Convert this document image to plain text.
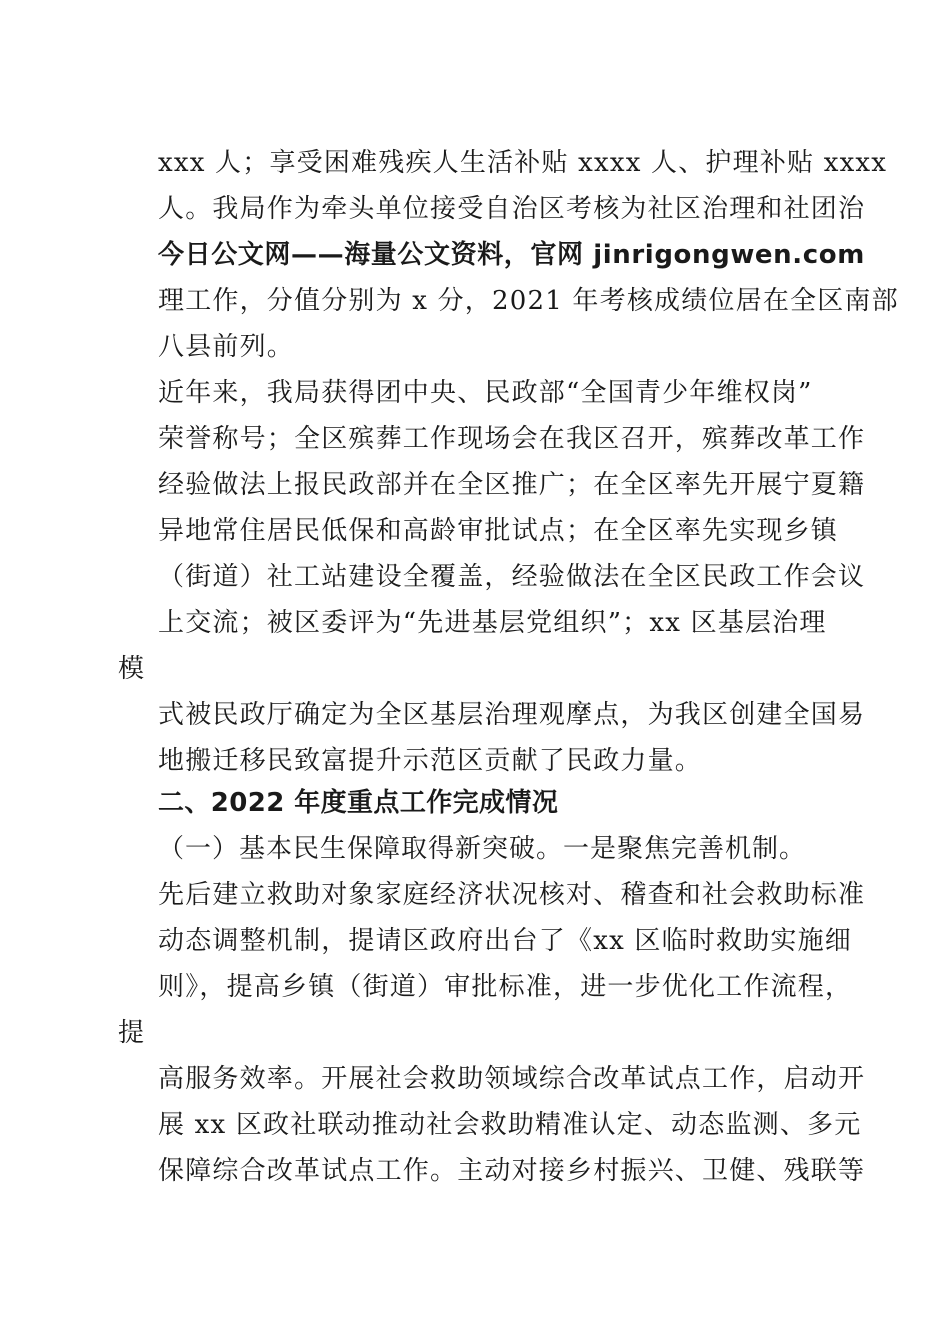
xxx 人；享受困难残疾人生活补贴 xxxx 人、护理补贴 xxxx
人。我局作为牵头单位接受自治区考核为社区治理和社团治
今日公文网——海量公文资料，官网 jinrigongwen.com
理工作，分值分别为 x 分，2021 年考核成绩位居在全区南部
八县前列。
近年来，我局获得团中央、民政部“全国青少年维权岗”
荣誉称号；全区殡葬工作现场会在我区召开，殡葬改革工作
经验做法上报民政部并在全区推广；在全区率先开展宁夏籍
异地常住居民低保和高龄审批试点；在全区率先实现乡镇
（街道）社工站建设全覆盖，经验做法在全区民政工作会议
上交流；被区委评为“先进基层党组织”；xx 区基层治理
模
式被民政厅确定为全区基层治理观摩点，为我区创建全国易
地搬迁移民致富提升示范区贡献了民政力量。
二、2022 年度重点工作完成情况
（一）基本民生保障取得新突破。一是聚焦完善机制。
先后建立救助对象家庭经济状况核对、稽查和社会救助标准
动态调整机制，提请区政府出台了《xx 区临时救助实施细
则》，提高乡镇（街道）审批标准，进一步优化工作流程，
提
高服务效率。开展社会救助领域综合改革试点工作，启动开
展 xx 区政社联动推动社会救助精准认定、动态监测、多元
保障综合改革试点工作。主动对接乡村振兴、卫健、残联等
